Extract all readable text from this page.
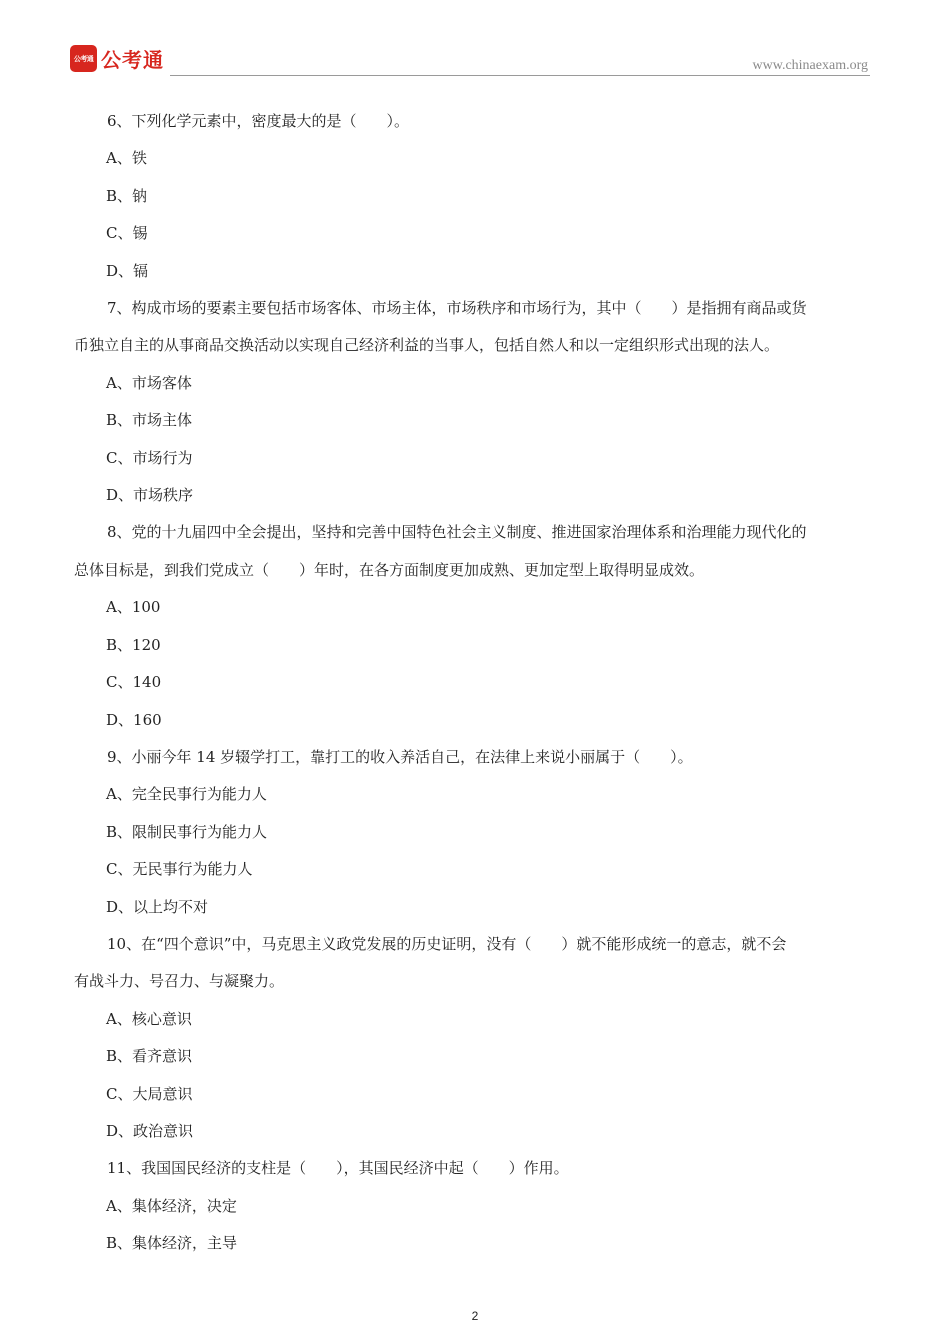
公考通 公考通	www.chinaexam.org
6、下列化学元素中，密度最大的是（　　）。
A、铁
B、钠
C、锡
D、镉
7、构成市场的要素主要包括市场客体、市场主体，市场秩序和市场行为，其中（　　）是指拥有商品或货
币独立自主的从事商品交换活动以实现自己经济利益的当事人，包括自然人和以一定组织形式出现的法人。
A、市场客体
B、市场主体
C、市场行为
D、市场秩序
8、党的十九届四中全会提出，坚持和完善中国特色社会主义制度、推进国家治理体系和治理能力现代化的
总体目标是，到我们党成立（　　）年时，在各方面制度更加成熟、更加定型上取得明显成效。
A、100
B、120
C、140
D、160
9、小丽今年 14 岁辍学打工，靠打工的收入养活自己，在法律上来说小丽属于（　　）。
A、完全民事行为能力人
B、限制民事行为能力人
C、无民事行为能力人
D、以上均不对
10、在“四个意识”中，马克思主义政党发展的历史证明，没有（　　）就不能形成统一的意志，就不会
有战斗力、号召力、与凝聚力。
A、核心意识
B、看齐意识
C、大局意识
D、政治意识
11、我国国民经济的支柱是（　　），其国民经济中起（　　）作用。
A、集体经济，决定
B、集体经济，主导
2
